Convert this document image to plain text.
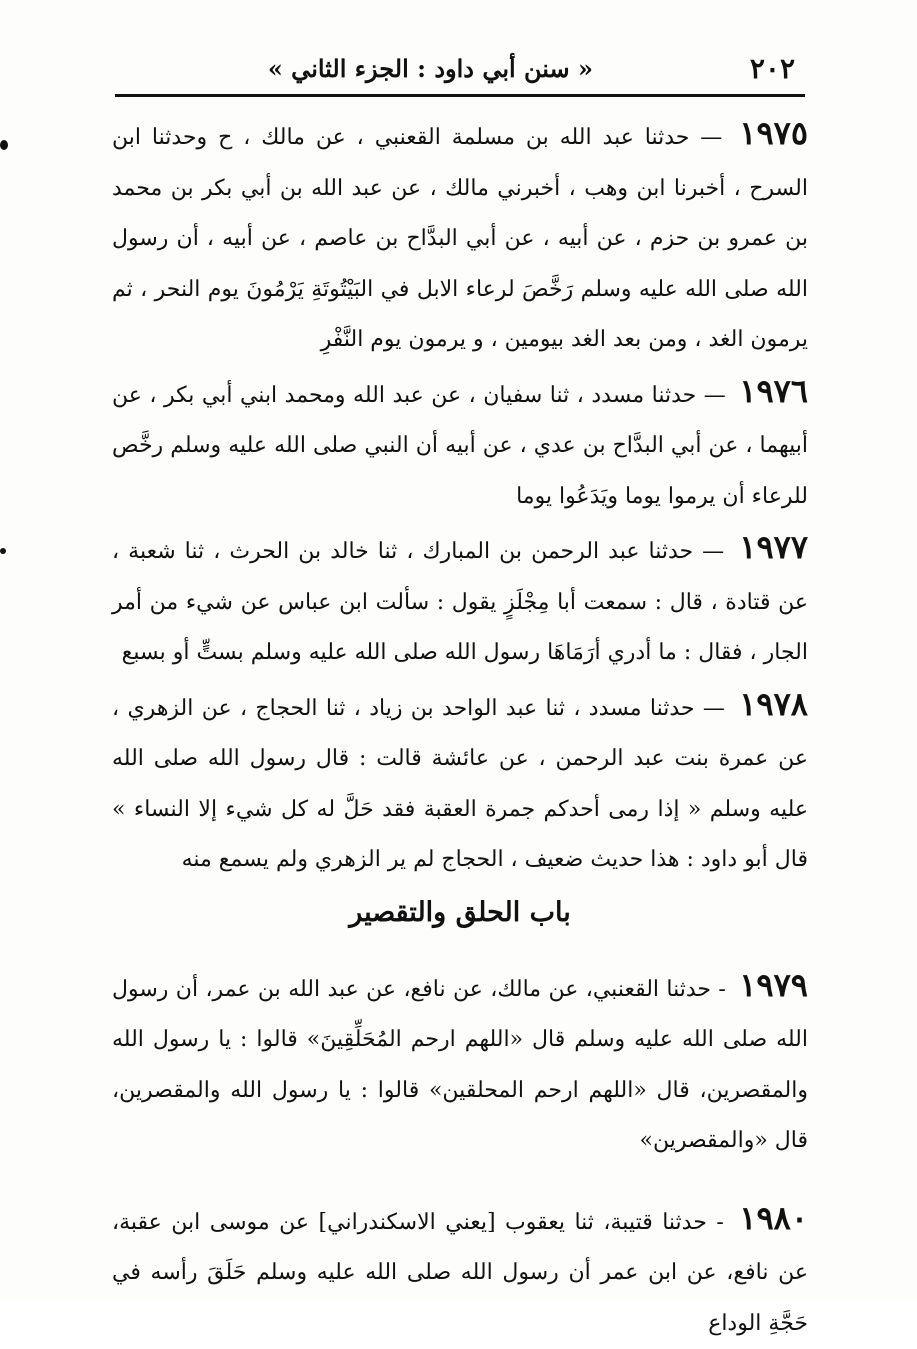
٢٠٢
« سنن أبي داود : الجزء الثاني »

١٩٧٥ — حدثنا عبد الله بن مسلمة القعنبي ، عن مالك ، ح وحدثنا ابن السرح ، أخبرنا ابن وهب ، أخبرني مالك ، عن عبد الله بن أبي بكر بن محمد بن عمرو بن حزم ، عن أبيه ، عن أبي البدَّاح بن عاصم ، عن أبيه ، أن رسول الله صلى الله عليه وسلم رَخَّصَ لرعاء الابل في البَيْتُوتَةِ يَرْمُونَ يوم النحر ، ثم يرمون الغد ، ومن بعد الغد بيومين ، و يرمون يوم النَّفْرِ

١٩٧٦ — حدثنا مسدد ، ثنا سفيان ، عن عبد الله ومحمد ابني أبي بكر ، عن أبيهما ، عن أبي البدَّاح بن عدي ، عن أبيه أن النبي صلى الله عليه وسلم رخَّص للرعاء أن يرموا يوما ويَدَعُوا يوما

١٩٧٧ — حدثنا عبد الرحمن بن المبارك ، ثنا خالد بن الحرث ، ثنا شعبة ، عن قتادة ، قال : سمعت أبا مِجْلَزٍ يقول : سألت ابن عباس عن شيء من أمر الجار ، فقال : ما أدري أرَمَاهَا رسول الله صلى الله عليه وسلم بستٍّ أو بسبع

١٩٧٨ — حدثنا مسدد ، ثنا عبد الواحد بن زياد ، ثنا الحجاج ، عن الزهري ، عن عمرة بنت عبد الرحمن ، عن عائشة قالت : قال رسول الله صلى الله عليه وسلم « إذا رمى أحدكم جمرة العقبة فقد حَلَّ له كل شيء إلا النساء » قال أبو داود : هذا حديث ضعيف ، الحجاج لم ير الزهري ولم يسمع منه

باب الحلق والتقصير

١٩٧٩ - حدثنا القعنبي، عن مالك، عن نافع، عن عبد الله بن عمر، أن رسول الله صلى الله عليه وسلم قال «اللهم ارحم المُحَلِّقِينَ» قالوا : يا رسول الله والمقصرين، قال «اللهم ارحم المحلقين» قالوا : يا رسول الله والمقصرين، قال «والمقصرين»

١٩٨٠ - حدثنا قتيبة، ثنا يعقوب [يعني الاسكندراني] عن موسى ابن عقبة، عن نافع، عن ابن عمر أن رسول الله صلى الله عليه وسلم حَلَقَ رأسه في حَجَّةِ الوداع
